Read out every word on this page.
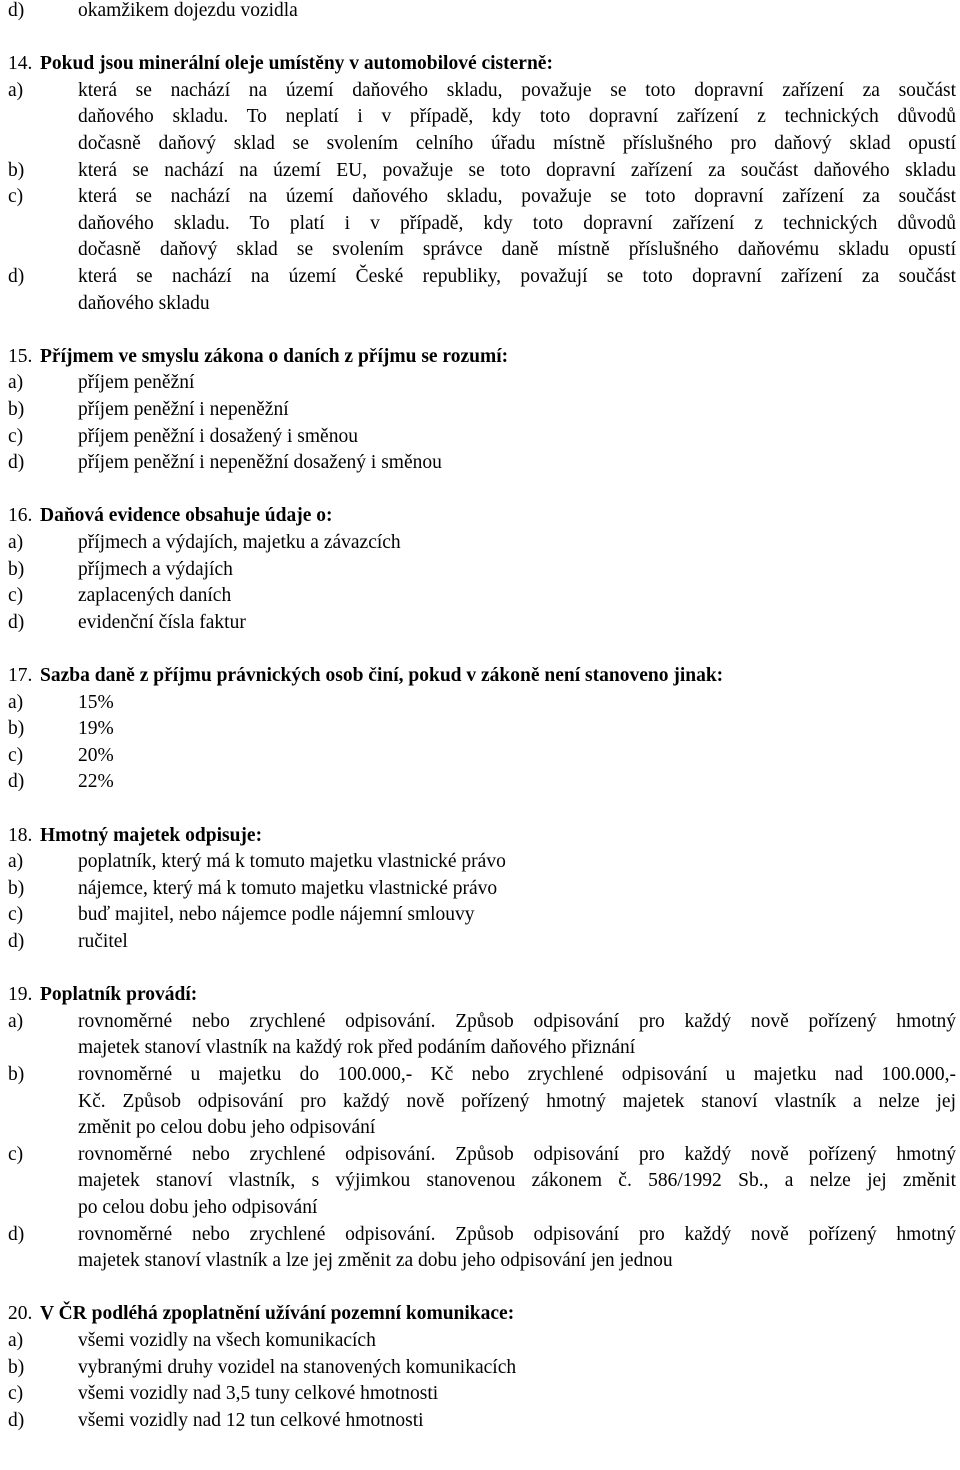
d)	okamžikem dojezdu vozidla
14. Pokud jsou minerální oleje umístěny v automobilové cisterně:
a)	která se nachází na území daňového skladu, považuje se toto dopravní zařízení za součást
daňového skladu. To neplatí i v případě, kdy toto dopravní zařízení z technických důvodů
dočasně daňový sklad se svolením celního úřadu místně příslušného pro daňový sklad opustí
b)	která se nachází na území EU, považuje se toto dopravní zařízení za součást daňového skladu
c)	která se nachází na území daňového skladu, považuje se toto dopravní zařízení za součást
daňového skladu. To platí i v případě, kdy toto dopravní zařízení z technických důvodů
dočasně daňový sklad se svolením správce daně místně příslušného daňovému skladu opustí
d)	která se nachází na území České republiky, považují se toto dopravní zařízení za součást
daňového skladu
15. Příjmem ve smyslu zákona o daních z příjmu se rozumí:
a)	příjem peněžní
b)	příjem peněžní i nepeněžní
c)	příjem peněžní i dosažený i směnou
d)	příjem peněžní i nepeněžní dosažený i směnou
16. Daňová evidence obsahuje údaje o:
a)	příjmech a výdajích, majetku a závazcích
b)	příjmech a výdajích
c)	zaplacených daních
d)	evidenční čísla faktur
17. Sazba daně z příjmu právnických osob činí, pokud v zákoně není stanoveno jinak:
a)	15%
b)	19%
c)	20%
d)	22%
18. Hmotný majetek odpisuje:
a)	poplatník, který má k tomuto majetku vlastnické právo
b)	nájemce, který má k tomuto majetku vlastnické právo
c)	buď majitel, nebo nájemce podle nájemní smlouvy
d)	ručitel
19. Poplatník provádí:
a)	rovnoměrné nebo zrychlené odpisování. Způsob odpisování pro každý nově pořízený hmotný
majetek stanoví vlastník na každý rok před podáním daňového přiznání
b)	rovnoměrné u majetku do 100.000,- Kč nebo zrychlené odpisování u majetku nad 100.000,-
Kč. Způsob odpisování pro každý nově pořízený hmotný majetek stanoví vlastník a nelze jej
změnit po celou dobu jeho odpisování
c)	rovnoměrné nebo zrychlené odpisování. Způsob odpisování pro každý nově pořízený hmotný
majetek stanoví vlastník, s výjimkou stanovenou zákonem č. 586/1992 Sb., a nelze jej změnit
po celou dobu jeho odpisování
d)	rovnoměrné nebo zrychlené odpisování. Způsob odpisování pro každý nově pořízený hmotný
majetek stanoví vlastník a lze jej změnit za dobu jeho odpisování jen jednou
20. V ČR podléhá zpoplatnění užívání pozemní komunikace:
a)	všemi vozidly na všech komunikacích
b)	vybranými druhy vozidel na stanovených komunikacích
c)	všemi vozidly nad 3,5 tuny celkové hmotnosti
d)	všemi vozidly nad 12 tun celkové hmotnosti
